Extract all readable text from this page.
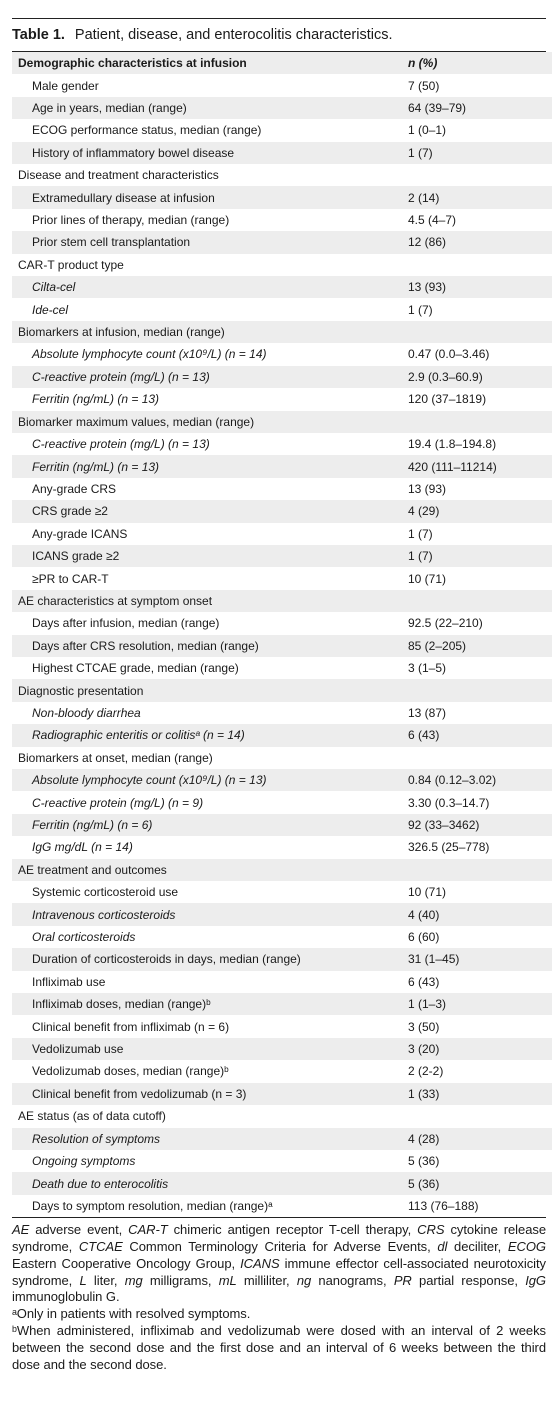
Table 1. Patient, disease, and enterocolitis characteristics.
Demographic characteristics at infusion	n (%)
Male gender	7 (50)
Age in years, median (range)	64 (39–79)
ECOG performance status, median (range)	1 (0–1)
History of inflammatory bowel disease	1 (7)
Disease and treatment characteristics	
Extramedullary disease at infusion	2 (14)
Prior lines of therapy, median (range)	4.5 (4–7)
Prior stem cell transplantation	12 (86)
CAR-T product type	
Cilta-cel	13 (93)
Ide-cel	1 (7)
Biomarkers at infusion, median (range)	
Absolute lymphocyte count (x10⁹/L) (n = 14)	0.47 (0.0–3.46)
C-reactive protein (mg/L) (n = 13)	2.9 (0.3–60.9)
Ferritin (ng/mL) (n = 13)	120 (37–1819)
Biomarker maximum values, median (range)	
C-reactive protein (mg/L) (n = 13)	19.4 (1.8–194.8)
Ferritin (ng/mL) (n = 13)	420 (111–11214)
Any-grade CRS	13 (93)
CRS grade ≥2	4 (29)
Any-grade ICANS	1 (7)
ICANS grade ≥2	1 (7)
≥PR to CAR-T	10 (71)
AE characteristics at symptom onset	
Days after infusion, median (range)	92.5 (22–210)
Days after CRS resolution, median (range)	85 (2–205)
Highest CTCAE grade, median (range)	3 (1–5)
Diagnostic presentation	
Non-bloody diarrhea	13 (87)
Radiographic enteritis or colitisᵃ (n = 14)	6 (43)
Biomarkers at onset, median (range)	
Absolute lymphocyte count (x10⁹/L) (n = 13)	0.84 (0.12–3.02)
C-reactive protein (mg/L) (n = 9)	3.30 (0.3–14.7)
Ferritin (ng/mL) (n = 6)	92 (33–3462)
IgG mg/dL (n = 14)	326.5 (25–778)
AE treatment and outcomes	
Systemic corticosteroid use	10 (71)
Intravenous corticosteroids	4 (40)
Oral corticosteroids	6 (60)
Duration of corticosteroids in days, median (range)	31 (1–45)
Infliximab use	6 (43)
Infliximab doses, median (range)ᵇ	1 (1–3)
Clinical benefit from infliximab (n = 6)	3 (50)
Vedolizumab use	3 (20)
Vedolizumab doses, median (range)ᵇ	2 (2-2)
Clinical benefit from vedolizumab (n = 3)	1 (33)
AE status (as of data cutoff)	
Resolution of symptoms	4 (28)
Ongoing symptoms	5 (36)
Death due to enterocolitis	5 (36)
Days to symptom resolution, median (range)ᵃ	113 (76–188)

AE adverse event, CAR-T chimeric antigen receptor T-cell therapy, CRS cytokine release syndrome, CTCAE Common Terminology Criteria for Adverse Events, dl deciliter, ECOG Eastern Cooperative Oncology Group, ICANS immune effector cell-associated neurotoxicity syndrome, L liter, mg milligrams, mL milliliter, ng nanograms, PR partial response, IgG immunoglobulin G.

ᵃOnly in patients with resolved symptoms.

ᵇWhen administered, infliximab and vedolizumab were dosed with an interval of 2 weeks between the second dose and the first dose and an interval of 6 weeks between the third dose and the second dose.
